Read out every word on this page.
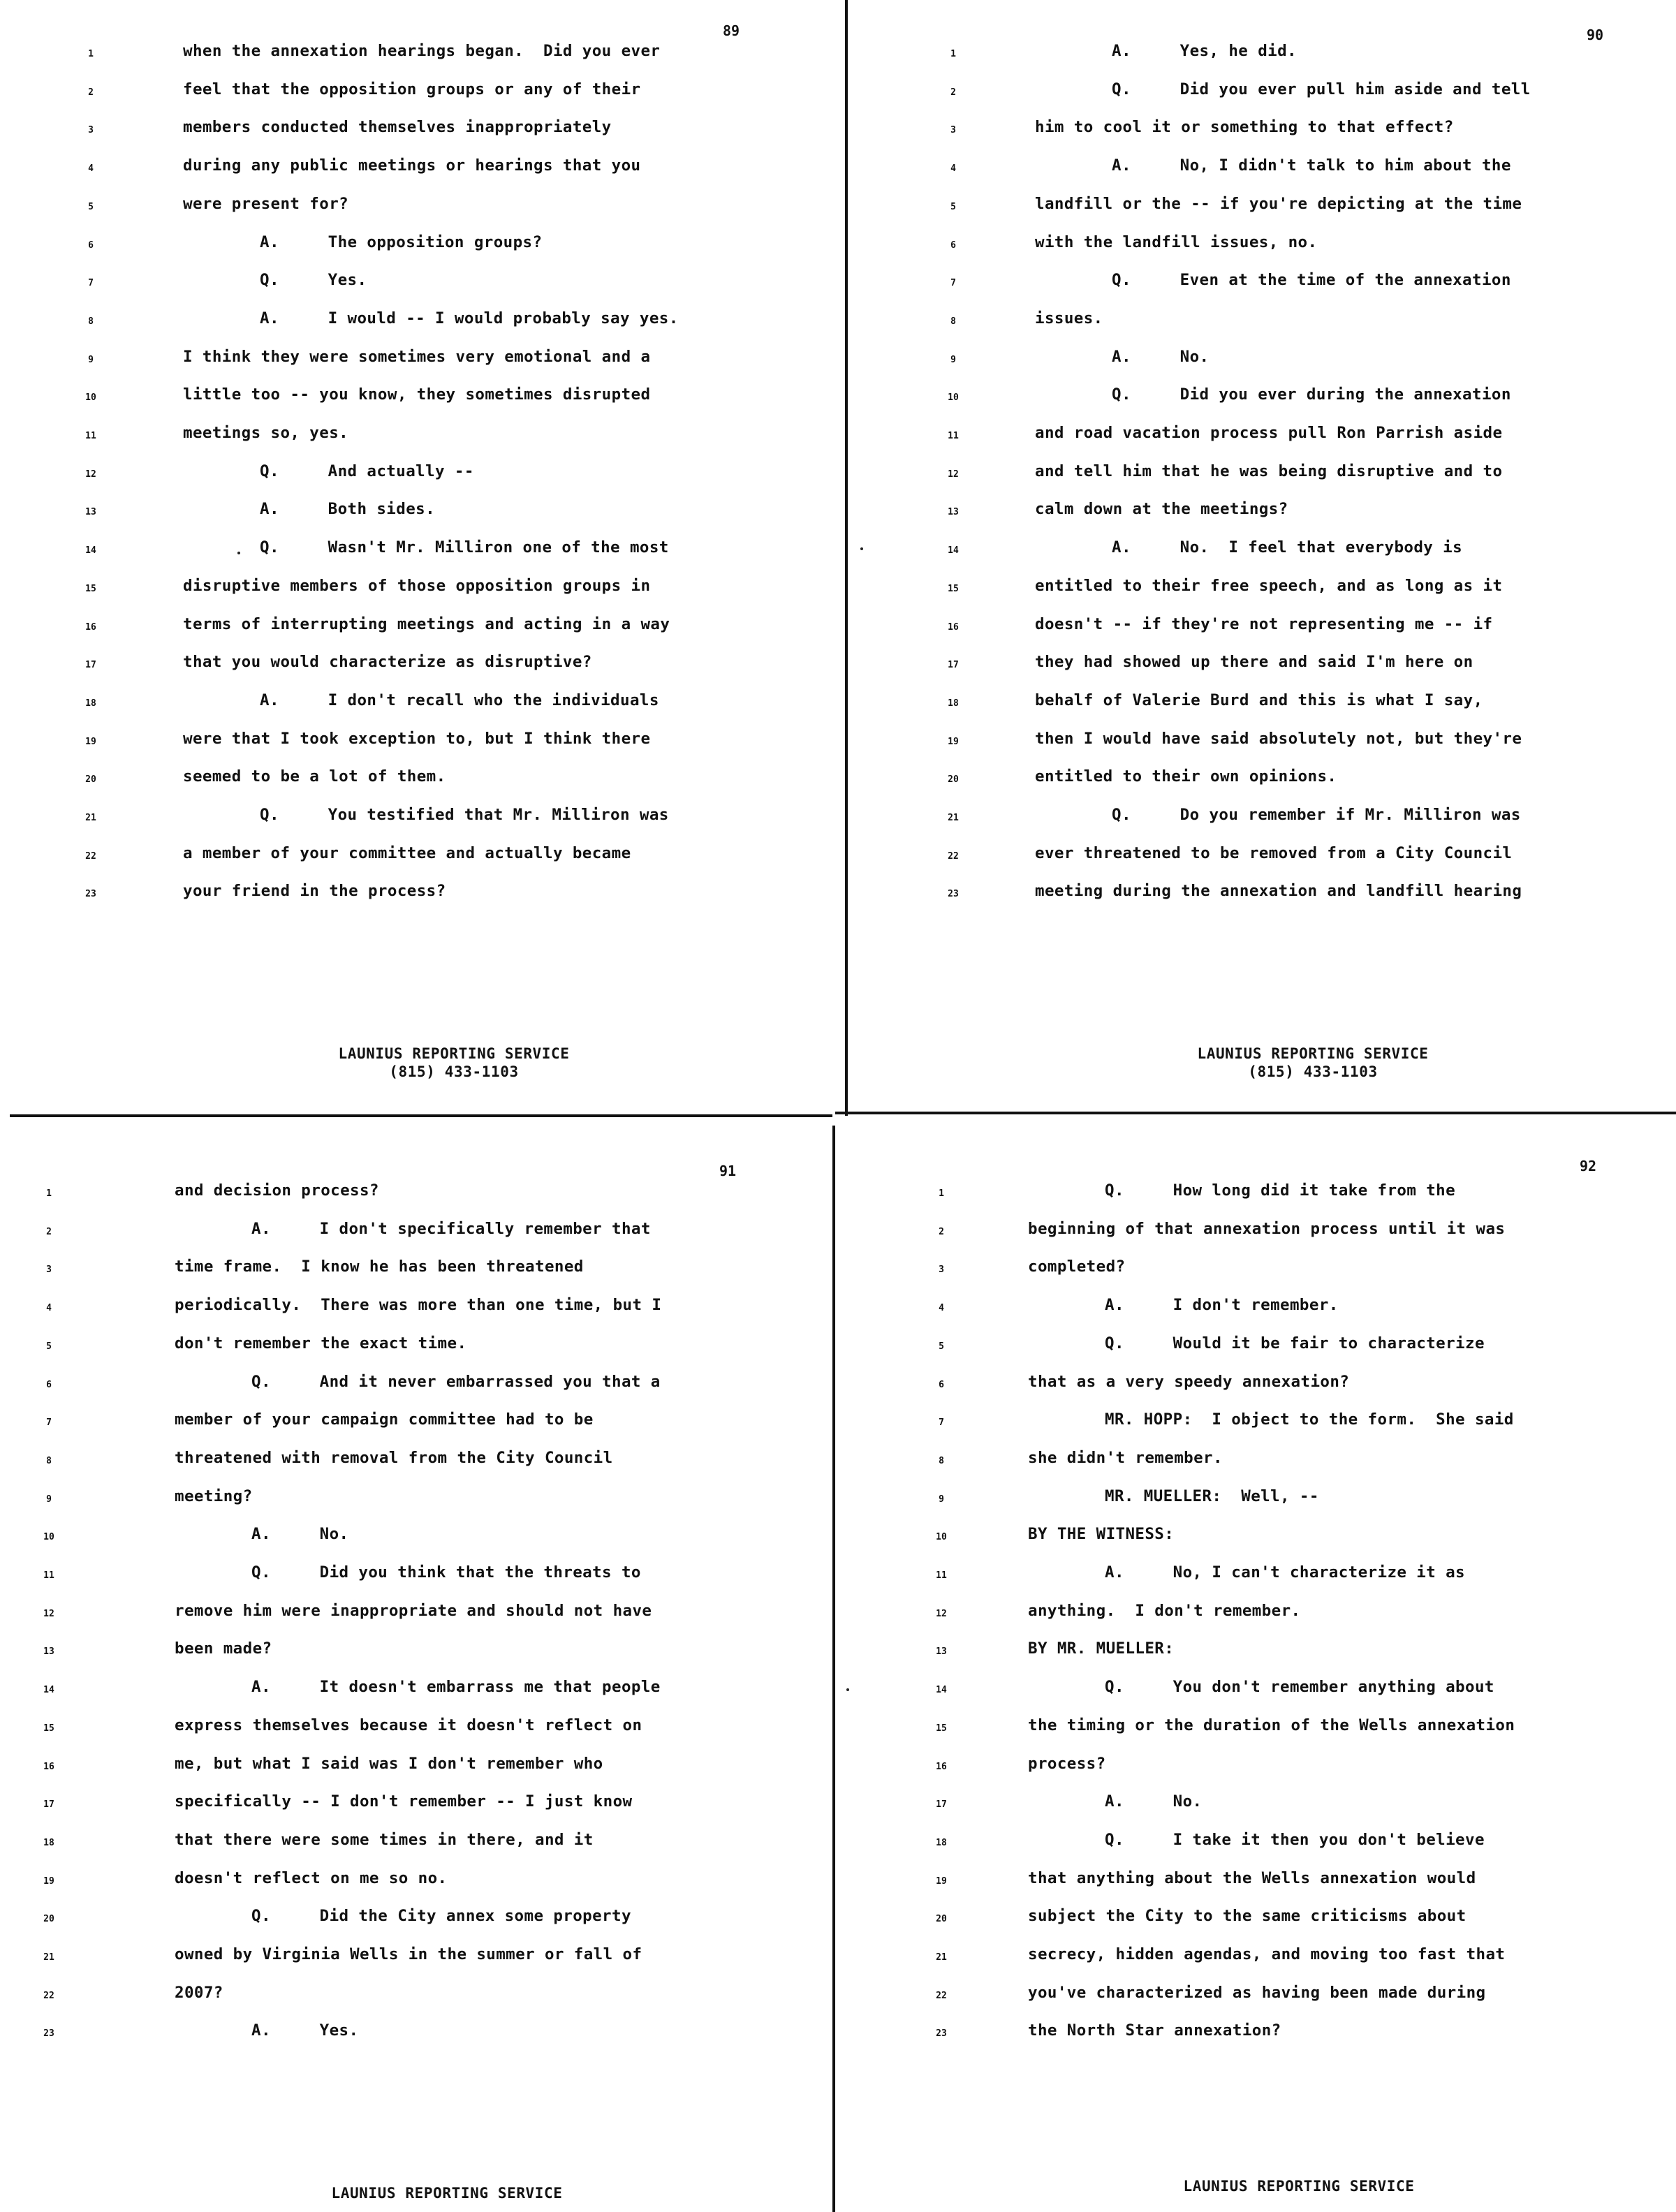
89
1	when the annexation hearings began.  Did you ever
2	feel that the opposition groups or any of their
3	members conducted themselves inappropriately
4	during any public meetings or hearings that you
5	were present for?
6	A.     The opposition groups?
7	Q.     Yes.
8	A.     I would -- I would probably say yes.
9	I think they were sometimes very emotional and a
10	little too -- you know, they sometimes disrupted
11	meetings so, yes.
12	Q.     And actually --
13	A.     Both sides.
14	Q.     Wasn't Mr. Milliron one of the most
15	disruptive members of those opposition groups in
16	terms of interrupting meetings and acting in a way
17	that you would characterize as disruptive?
18	A.     I don't recall who the individuals
19	were that I took exception to, but I think there
20	seemed to be a lot of them.
21	Q.     You testified that Mr. Milliron was
22	a member of your committee and actually became
23	your friend in the process?
LAUNIUS REPORTING SERVICE
(815) 433-1103
90
1	A.     Yes, he did.
2	Q.     Did you ever pull him aside and tell
3	him to cool it or something to that effect?
4	A.     No, I didn't talk to him about the
5	landfill or the -- if you're depicting at the time
6	with the landfill issues, no.
7	Q.     Even at the time of the annexation
8	issues.
9	A.     No.
10	Q.     Did you ever during the annexation
11	and road vacation process pull Ron Parrish aside
12	and tell him that he was being disruptive and to
13	calm down at the meetings?
14	A.     No.  I feel that everybody is
15	entitled to their free speech, and as long as it
16	doesn't -- if they're not representing me -- if
17	they had showed up there and said I'm here on
18	behalf of Valerie Burd and this is what I say,
19	then I would have said absolutely not, but they're
20	entitled to their own opinions.
21	Q.     Do you remember if Mr. Milliron was
22	ever threatened to be removed from a City Council
23	meeting during the annexation and landfill hearing
LAUNIUS REPORTING SERVICE
(815) 433-1103
91
1	and decision process?
2	A.     I don't specifically remember that
3	time frame.  I know he has been threatened
4	periodically.  There was more than one time, but I
5	don't remember the exact time.
6	Q.     And it never embarrassed you that a
7	member of your campaign committee had to be
8	threatened with removal from the City Council
9	meeting?
10	A.     No.
11	Q.     Did you think that the threats to
12	remove him were inappropriate and should not have
13	been made?
14	A.     It doesn't embarrass me that people
15	express themselves because it doesn't reflect on
16	me, but what I said was I don't remember who
17	specifically -- I don't remember -- I just know
18	that there were some times in there, and it
19	doesn't reflect on me so no.
20	Q.     Did the City annex some property
21	owned by Virginia Wells in the summer or fall of
22	2007?
23	A.     Yes.
LAUNIUS REPORTING SERVICE
92
1	Q.     How long did it take from the
2	beginning of that annexation process until it was
3	completed?
4	A.     I don't remember.
5	Q.     Would it be fair to characterize
6	that as a very speedy annexation?
7	MR. HOPP:  I object to the form.  She said
8	she didn't remember.
9	MR. MUELLER:  Well, --
10	BY THE WITNESS:
11	A.     No, I can't characterize it as
12	anything.  I don't remember.
13	BY MR. MUELLER:
14	Q.     You don't remember anything about
15	the timing or the duration of the Wells annexation
16	process?
17	A.     No.
18	Q.     I take it then you don't believe
19	that anything about the Wells annexation would
20	subject the City to the same criticisms about
21	secrecy, hidden agendas, and moving too fast that
22	you've characterized as having been made during
23	the North Star annexation?
LAUNIUS REPORTING SERVICE
